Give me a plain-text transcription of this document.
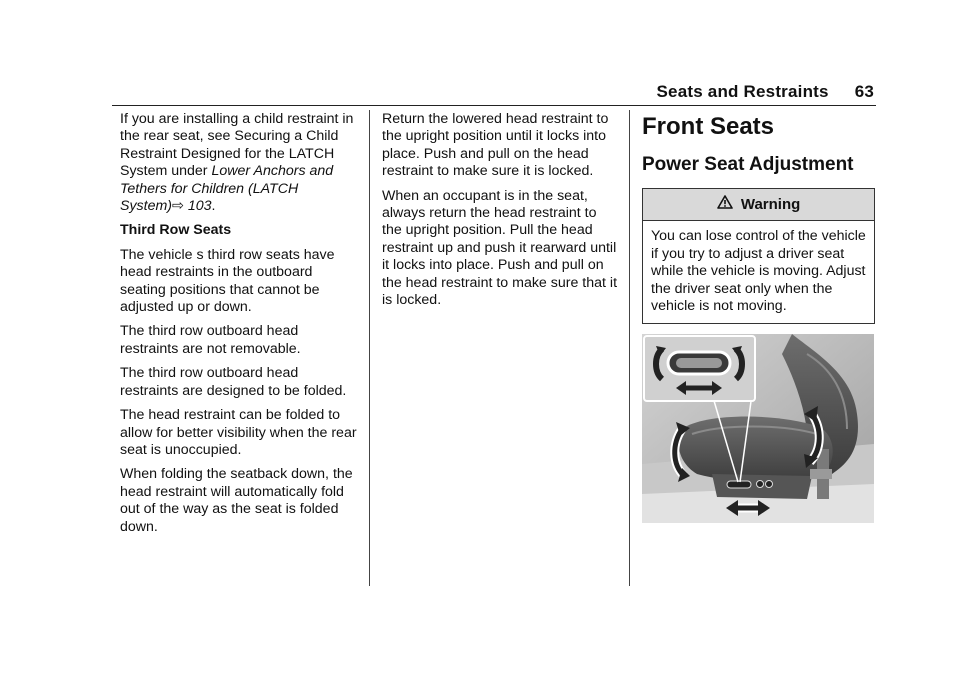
Seats and Restraints 63

If you are installing a child restraint in the rear seat, see Securing a Child Restraint Designed for the LATCH System under Lower Anchors and Tethers for Children (LATCH System)⇨ 103.

Third Row Seats

The vehicle s third row seats have head restraints in the outboard seating positions that cannot be adjusted up or down.

The third row outboard head restraints are not removable.

The third row outboard head restraints are designed to be folded.

The head restraint can be folded to allow for better visibility when the rear seat is unoccupied.

When folding the seatback down, the head restraint will automatically fold out of the way as the seat is folded down.

Return the lowered head restraint to the upright position until it locks into place. Push and pull on the head restraint to make sure it is locked.

When an occupant is in the seat, always return the head restraint to the upright position. Pull the head restraint up and push it rearward until it locks into place. Push and pull on the head restraint to make sure that it is locked.

Front Seats
Power Seat Adjustment
Warning
You can lose control of the vehicle if you try to adjust a driver seat while the vehicle is moving. Adjust the driver seat only when the vehicle is not moving.
